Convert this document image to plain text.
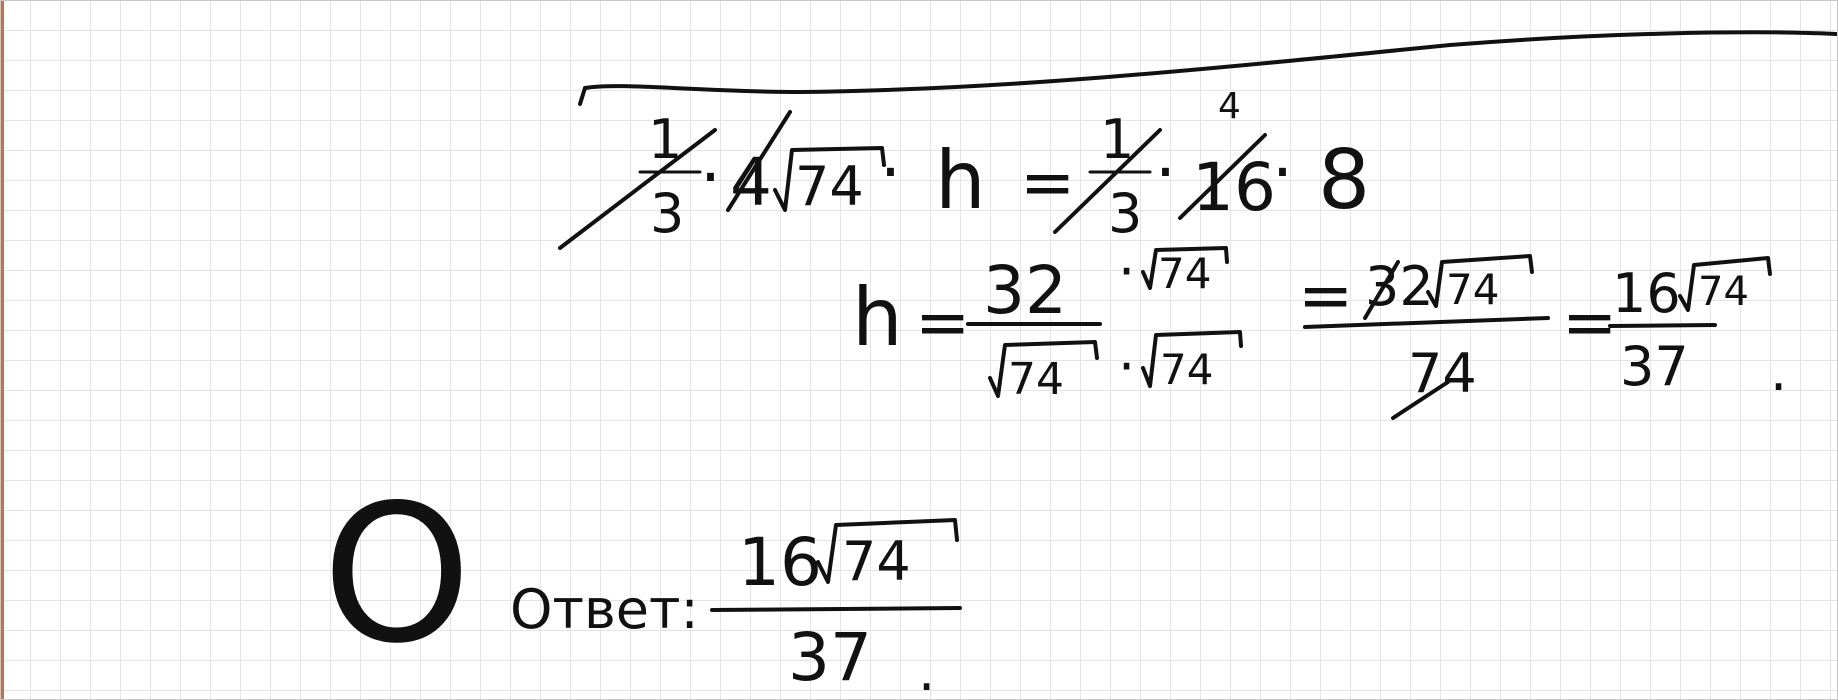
1
3 · 4 74 · h =
1
3
·
4
16
· 8
h = 32
74
· 74
· 74
= 32 74
74
=
16 74
37 .
О Ответ:
16 74
37 .
